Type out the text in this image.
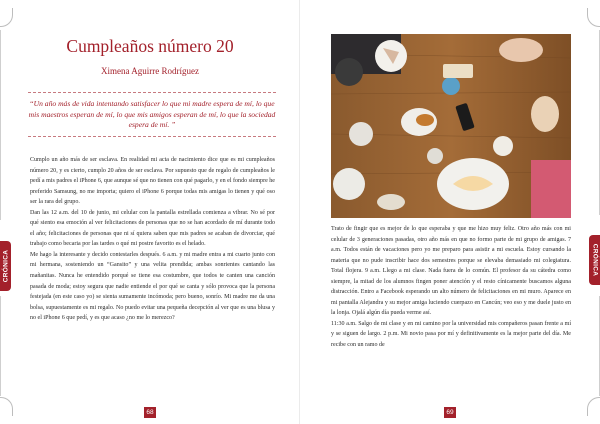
Cumpleaños número 20
Ximena Aguirre Rodríguez
“Un año más de vida intentando satisfacer lo que mi madre espera de mí, lo que mis maestros esperan de mí, lo que mis amigos esperan de mí, lo que la sociedad espera de mí. ”

Cumplo un año más de ser esclava. En realidad mi acta de nacimiento dice que es mi cumpleaños número 20, y es cierto, cumplo 20 años de ser esclava. Por supuesto que de regalo de cumpleaños le pedí a mis padres el iPhone 6, que aunque sé que no tienen con qué pagarlo, y en el fondo siempre he preferido Samsung, no me importa; quiero el iPhone 6 porque todas mis amigas lo tienen y qué oso ser la rara del grupo.

Dan las 12 a.m. del 10 de junio, mi celular con la pantalla estrellada comienza a vibrar. No sé por qué siento esa emoción al ver felicitaciones de personas que no se han acordado de mí durante todo el año; felicitaciones de personas que ni sí quiera saben que mis padres se acaban de divorciar, qué trabajo como becaria por las tardes o qué mi postre favorito es el helado.

Me hago la interesante y decido contestarles después. 6 a.m. y mi madre entra a mi cuarto junto con mi hermana, sosteniendo un “Gansito” y una velita prendida; ambas sonrientes cantando las mañanitas. Nunca he entendido porqué se tiene esa costumbre, que todos te canten una canción pasada de moda; estoy segura que nadie entiende el por qué se canta y sólo provoca que la persona festejada (en este caso yo) se sienta sumamente incómoda; pero bueno, sonrío. Mi madre me da una bolsa, supuestamente es mi regalo. No puedo evitar una pequeña decepción al ver que es una blusa y no el iPhone 6 que pedí, y es que acaso ¿no me lo merezco?

CRÓNICA
68

Trato de fingir que es mejor de lo que esperaba y que me hizo muy feliz. Otro año más con mi celular de 3 generaciones pasadas, otro año más en que no formo parte de mi grupo de amigas. 7 a.m. Todos están de vacaciones pero yo me preparo para asistir a mi escuela. Estoy cursando la materia que no pude inscribir hace dos semestres porque se elevaba demasiado mi colegiatura. Total flojera. 9 a.m. Llego a mi clase. Nada fuera de lo común. El profesor da su cátedra como siempre, la mitad de los alumnos fingen poner atención y el resto cínicamente buscamos alguna distracción. Entro a Facebook esperando un alto número de felicitaciones en mi muro. Aparece en mi pantalla Alejandra y su mejor amiga luciendo cuerpazo en Cancún; veo eso y me duele justo en la lonja. Ojalá algún día pueda verme así.

11:30 a.m. Salgo de mi clase y en mi camino por la universidad mis compañeros pasan frente a mí y se siguen de largo. 2 p.m. Mi novio pasa por mí y definitivamente es la mejor parte del día. Me recibe con un ramo de

CRÓNICA
69
